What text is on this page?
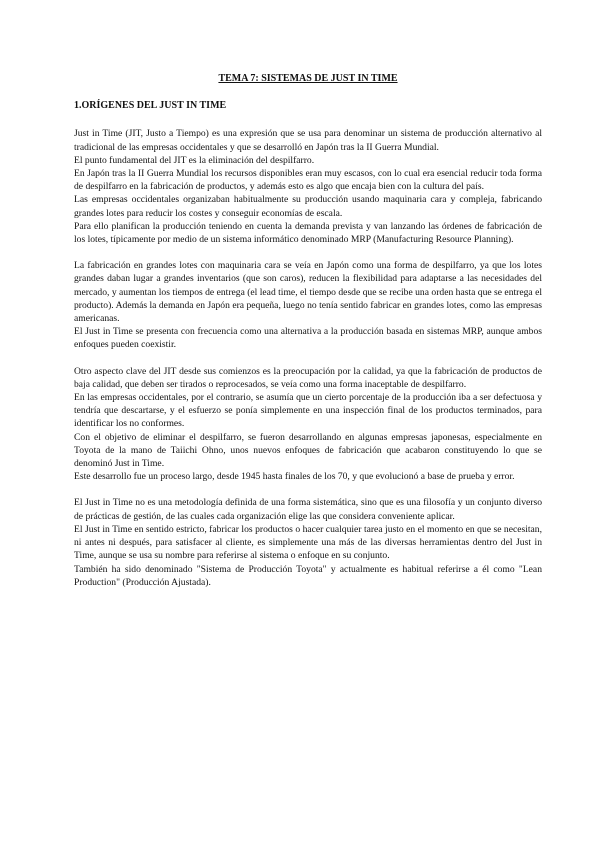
TEMA 7: SISTEMAS DE JUST IN TIME
1.ORÍGENES DEL JUST IN TIME

Just in Time (JIT, Justo a Tiempo) es una expresión que se usa para denominar un sistema de producción alternativo al tradicional de las empresas occidentales y que se desarrolló en Japón tras la II Guerra Mundial.

El punto fundamental del JIT es la eliminación del despilfarro.

En Japón tras la II Guerra Mundial los recursos disponibles eran muy escasos, con lo cual era esencial reducir toda forma de despilfarro en la fabricación de productos, y además esto es algo que encaja bien con la cultura del país.

Las empresas occidentales organizaban habitualmente su producción usando maquinaria cara y compleja, fabricando grandes lotes para reducir los costes y conseguir economías de escala.

Para ello planifican la producción teniendo en cuenta la demanda prevista y van lanzando las órdenes de fabricación de los lotes, típicamente por medio de un sistema informático denominado MRP (Manufacturing Resource Planning).

La fabricación en grandes lotes con maquinaria cara se veía en Japón como una forma de despilfarro, ya que los lotes grandes daban lugar a grandes inventarios (que son caros), reducen la flexibilidad para adaptarse a las necesidades del mercado, y aumentan los tiempos de entrega (el lead time, el tiempo desde que se recibe una orden hasta que se entrega el producto). Además la demanda en Japón era pequeña, luego no tenía sentido fabricar en grandes lotes, como las empresas americanas.

El Just in Time se presenta con frecuencia como una alternativa a la producción basada en sistemas MRP, aunque ambos enfoques pueden coexistir.

Otro aspecto clave del JIT desde sus comienzos es la preocupación por la calidad, ya que la fabricación de productos de baja calidad, que deben ser tirados o reprocesados, se veía como una forma inaceptable de despilfarro.

En las empresas occidentales, por el contrario, se asumía que un cierto porcentaje de la producción iba a ser defectuosa y tendría que descartarse, y el esfuerzo se ponía simplemente en una inspección final de los productos terminados, para identificar los no conformes.

Con el objetivo de eliminar el despilfarro, se fueron desarrollando en algunas empresas japonesas, especialmente en Toyota de la mano de Taiichi Ohno, unos nuevos enfoques de fabricación que acabaron constituyendo lo que se denominó Just in Time.

Este desarrollo fue un proceso largo, desde 1945 hasta finales de los 70, y que evolucionó a base de prueba y error.

El Just in Time no es una metodología definida de una forma sistemática, sino que es una filosofía y un conjunto diverso de prácticas de gestión, de las cuales cada organización elige las que considera conveniente aplicar.

El Just in Time en sentido estricto, fabricar los productos o hacer cualquier tarea justo en el momento en que se necesitan, ni antes ni después, para satisfacer al cliente, es simplemente una más de las diversas herramientas dentro del Just in Time, aunque se usa su nombre para referirse al sistema o enfoque en su conjunto.

También ha sido denominado "Sistema de Producción Toyota" y actualmente es habitual referirse a él como "Lean Production" (Producción Ajustada).
